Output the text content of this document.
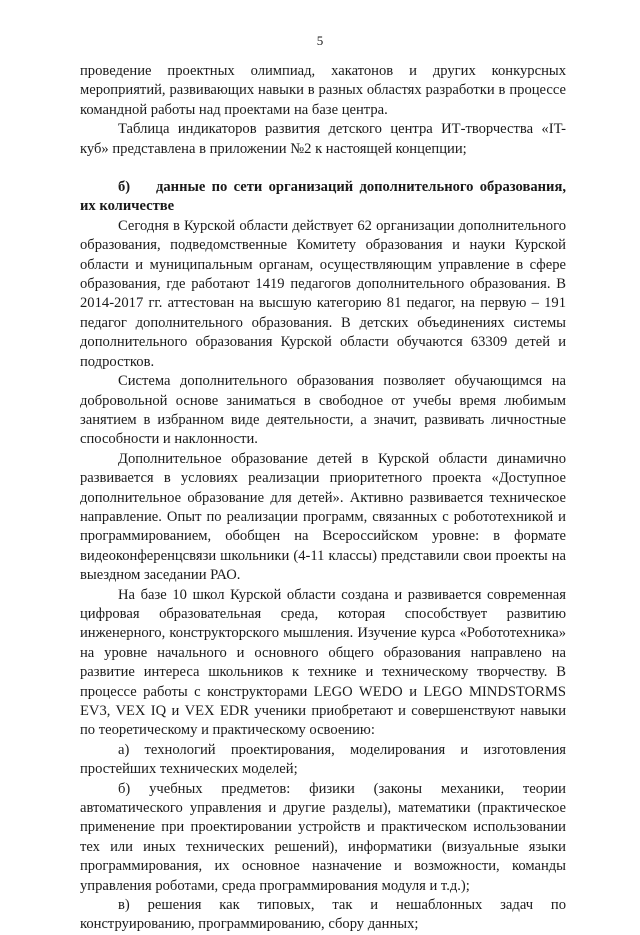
5

проведение проектных олимпиад, хакатонов и других конкурсных мероприятий, развивающих навыки в разных областях разработки в процессе командной работы над проектами на базе центра.

Таблица индикаторов развития детского центра ИТ-творчества «IT-куб» представлена в приложении №2 к настоящей концепции;

б) данные по сети организаций дополнительного образования, их количестве

Сегодня в Курской области действует 62 организации дополнительного образования, подведомственные Комитету образования и науки Курской области и муниципальным органам, осуществляющим управление в сфере образования, где работают 1419 педагогов дополнительного образования. В 2014-2017 гг. аттестован на высшую категорию 81 педагог, на первую – 191 педагог дополнительного образования. В детских объединениях системы дополнительного образования Курской области обучаются 63309 детей и подростков.

Система дополнительного образования позволяет обучающимся на добровольной основе заниматься в свободное от учебы время любимым занятием в избранном виде деятельности, а значит, развивать личностные способности и наклонности.

Дополнительное образование детей в Курской области динамично развивается в условиях реализации приоритетного проекта «Доступное дополнительное образование для детей». Активно развивается техническое направление. Опыт по реализации программ, связанных с робототехникой и программированием, обобщен на Всероссийском уровне: в формате видеоконференцсвязи школьники (4-11 классы) представили свои проекты на выездном заседании РАО.

На базе 10 школ Курской области создана и развивается современная цифровая образовательная среда, которая способствует развитию инженерного, конструкторского мышления. Изучение курса «Робототехника» на уровне начального и основного общего образования направлено на развитие интереса школьников к технике и техническому творчеству. В процессе работы с конструкторами LEGO WEDO и LEGO MINDSTORMS EV3, VEX IQ и VEX EDR ученики приобретают и совершенствуют навыки по теоретическому и практическому освоению:

а) технологий проектирования, моделирования и изготовления простейших технических моделей;

б) учебных предметов: физики (законы механики, теории автоматического управления и другие разделы), математики (практическое применение при проектировании устройств и практическом использовании тех или иных технических решений), информатики (визуальные языки программирования, их основное назначение и возможности, команды управления роботами, среда программирования модуля и т.д.);

в) решения как типовых, так и нешаблонных задач по конструированию, программированию, сбору данных;
